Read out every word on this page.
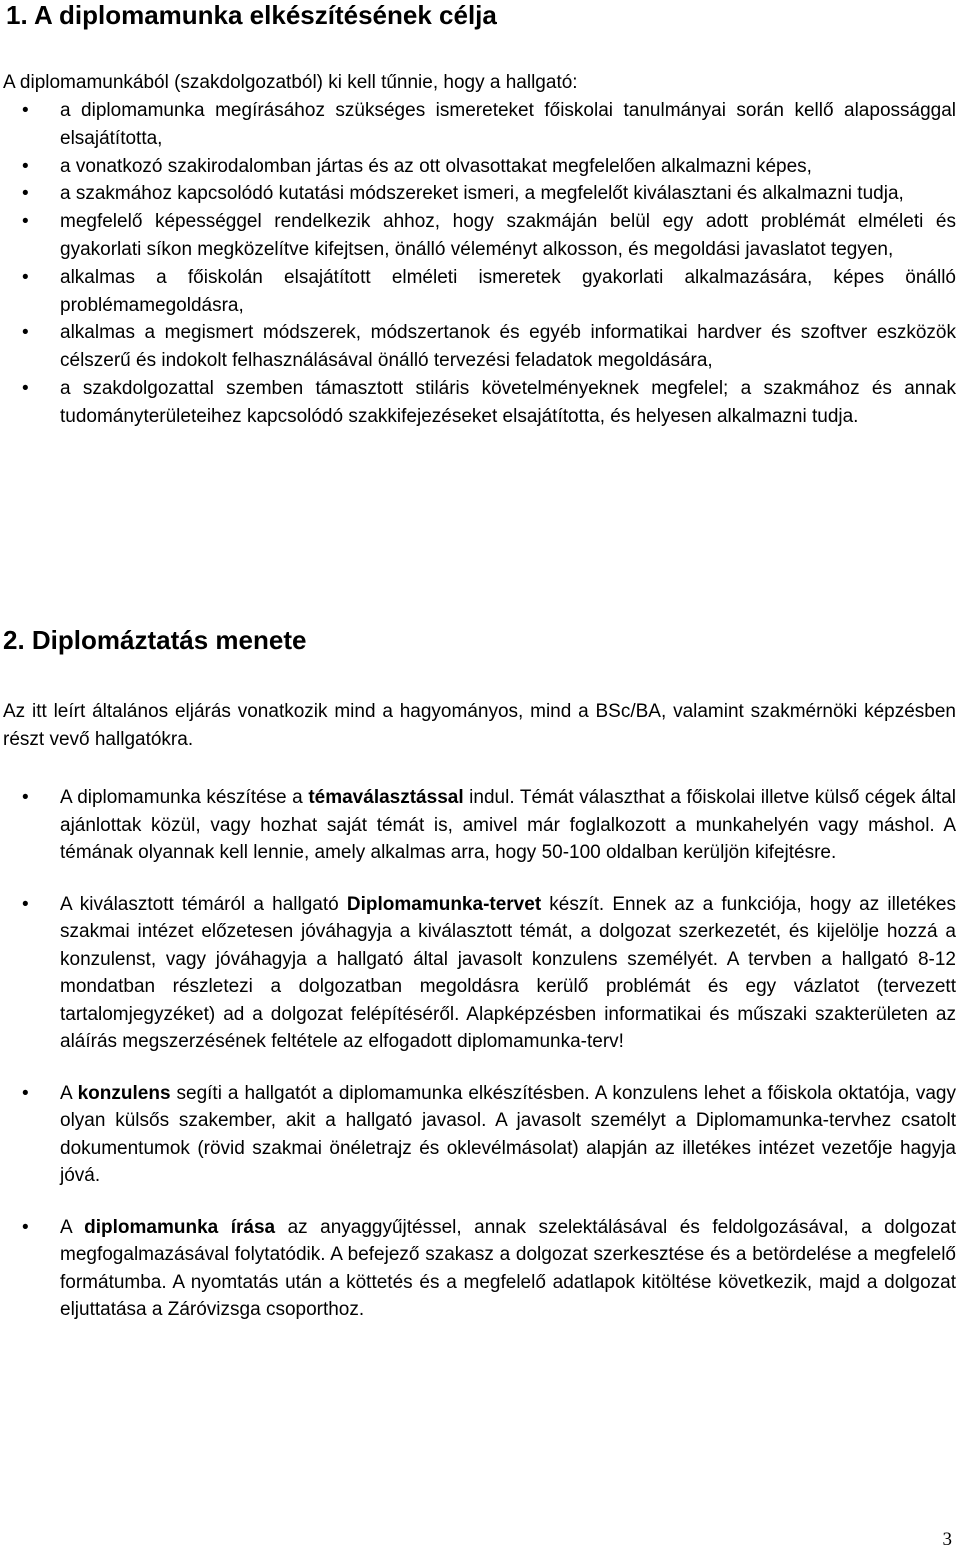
1. A diplomamunka elkészítésének célja

A diplomamunkából (szakdolgozatból) ki kell tűnnie, hogy a hallgató:

• a diplomamunka megírásához szükséges ismereteket főiskolai tanulmányai során kellő alapossággal elsajátította,
• a vonatkozó szakirodalomban jártas és az ott olvasottakat megfelelően alkalmazni képes,
• a szakmához kapcsolódó kutatási módszereket ismeri, a megfelelőt kiválasztani és alkalmazni tudja,
• megfelelő képességgel rendelkezik ahhoz, hogy szakmáján belül egy adott problémát elméleti és gyakorlati síkon megközelítve kifejtsen, önálló véleményt alkosson, és megoldási javaslatot tegyen,
• alkalmas a főiskolán elsajátított elméleti ismeretek gyakorlati alkalmazására, képes önálló problémamegoldásra,
• alkalmas a megismert módszerek, módszertanok és egyéb informatikai hardver és szoftver eszközök célszerű és indokolt felhasználásával önálló tervezési feladatok megoldására,
• a szakdolgozattal szemben támasztott stiláris követelményeknek megfelel; a szakmához és annak tudományterületeihez kapcsolódó szakkifejezéseket elsajátította, és helyesen alkalmazni tudja.
2. Diplomáztatás menete

Az itt leírt általános eljárás vonatkozik mind a hagyományos, mind a BSc/BA, valamint szakmérnöki képzésben részt vevő hallgatókra.

• A diplomamunka készítése a témaválasztással indul. Témát választhat a főiskolai illetve külső cégek által ajánlottak közül, vagy hozhat saját témát is, amivel már foglalkozott a munkahelyén vagy máshol. A témának olyannak kell lennie, amely alkalmas arra, hogy 50-100 oldalban kerüljön kifejtésre.
• A kiválasztott témáról a hallgató Diplomamunka-tervet készít. Ennek az a funkciója, hogy az illetékes szakmai intézet előzetesen jóváhagyja a kiválasztott témát, a dolgozat szerkezetét, és kijelölje hozzá a konzulenst, vagy jóváhagyja a hallgató által javasolt konzulens személyét. A tervben a hallgató 8-12 mondatban részletezi a dolgozatban megoldásra kerülő problémát és egy vázlatot (tervezett tartalomjegyzéket) ad a dolgozat felépítéséről. Alapképzésben informatikai és műszaki szakterületen az aláírás megszerzésének feltétele az elfogadott diplomamunka-terv!
• A konzulens segíti a hallgatót a diplomamunka elkészítésben. A konzulens lehet a főiskola oktatója, vagy olyan külsős szakember, akit a hallgató javasol. A javasolt személyt a Diplomamunka-tervhez csatolt dokumentumok (rövid szakmai önéletrajz és oklevélmásolat) alapján az illetékes intézet vezetője hagyja jóvá.
• A diplomamunka írása az anyaggyűjtéssel, annak szelektálásával és feldolgozásával, a dolgozat megfogalmazásával folytatódik. A befejező szakasz a dolgozat szerkesztése és a betördelése a megfelelő formátumba. A nyomtatás után a köttetés és a megfelelő adatlapok kitöltése következik, majd a dolgozat eljuttatása a Záróvizsga csoporthoz.
3
